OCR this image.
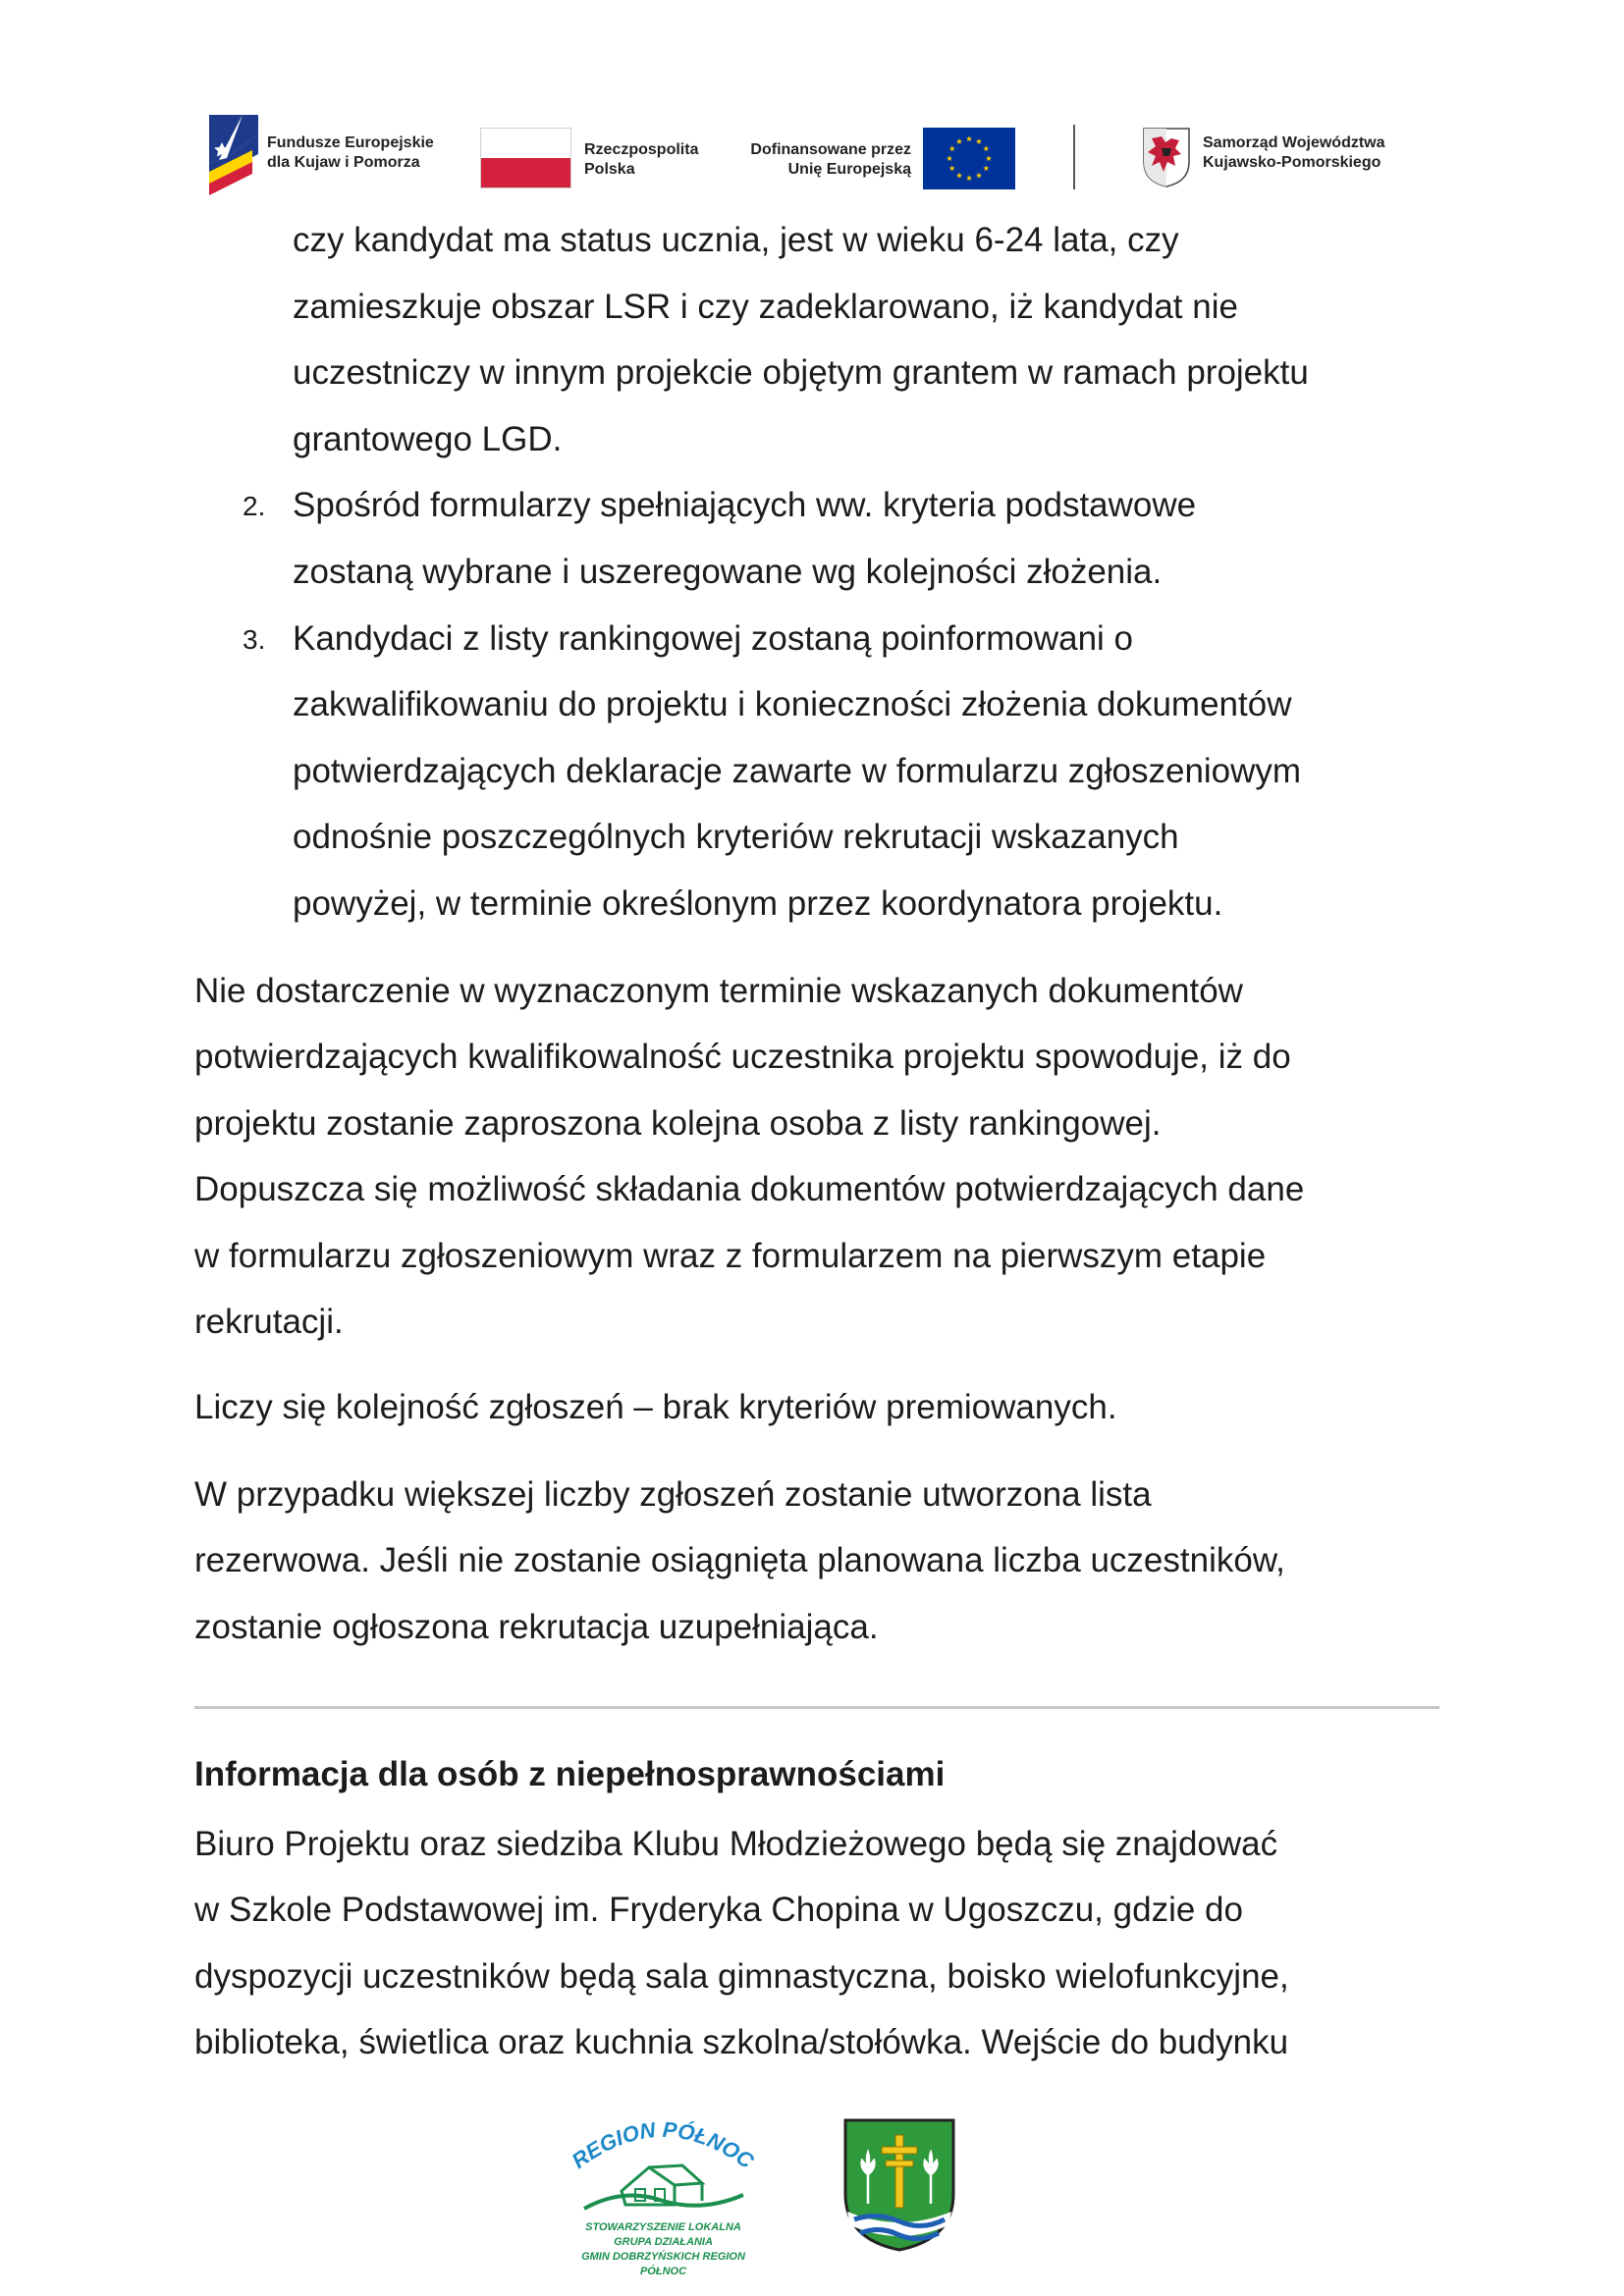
Fundusze Europejskie
dla Kujaw i Pomorza
Rzeczpospolita
Polska
Dofinansowane przez
Unię Europejską
Samorząd Województwa
Kujawsko-Pomorskiego

czy kandydat ma status ucznia, jest w wieku 6-24 lata, czy

zamieszkuje obszar LSR i czy zadeklarowano, iż kandydat nie

uczestniczy w innym projekcie objętym grantem w ramach projektu

grantowego LGD.

2. Spośród formularzy spełniających ww. kryteria podstawowe

zostaną wybrane i uszeregowane wg kolejności złożenia.

3. Kandydaci z listy rankingowej zostaną poinformowani o

zakwalifikowaniu do projektu i konieczności złożenia dokumentów

potwierdzających deklaracje zawarte w formularzu zgłoszeniowym

odnośnie poszczególnych kryteriów rekrutacji wskazanych

powyżej, w terminie określonym przez koordynatora projektu.

Nie dostarczenie w wyznaczonym terminie wskazanych dokumentów

potwierdzających kwalifikowalność uczestnika projektu spowoduje, iż do

projektu zostanie zaproszona kolejna osoba z listy rankingowej.

Dopuszcza się możliwość składania dokumentów potwierdzających dane

w formularzu zgłoszeniowym wraz z formularzem na pierwszym etapie

rekrutacji.

Liczy się kolejność zgłoszeń – brak kryteriów premiowanych.

W przypadku większej liczby zgłoszeń zostanie utworzona lista

rezerwowa. Jeśli nie zostanie osiągnięta planowana liczba uczestników,

zostanie ogłoszona rekrutacja uzupełniająca.

Informacja dla osób z niepełnosprawnościami

Biuro Projektu oraz siedziba Klubu Młodzieżowego będą się znajdować

w Szkole Podstawowej im. Fryderyka Chopina w Ugoszczu, gdzie do

dyspozycji uczestników będą sala gimnastyczna, boisko wielofunkcyjne,

biblioteka, świetlica oraz kuchnia szkolna/stołówka. Wejście do budynku

REGION PÓŁNOC
STOWARZYSZENIE LOKALNA GRUPA DZIAŁANIA
GMIN DOBRZYŃSKICH REGION PÓŁNOC
